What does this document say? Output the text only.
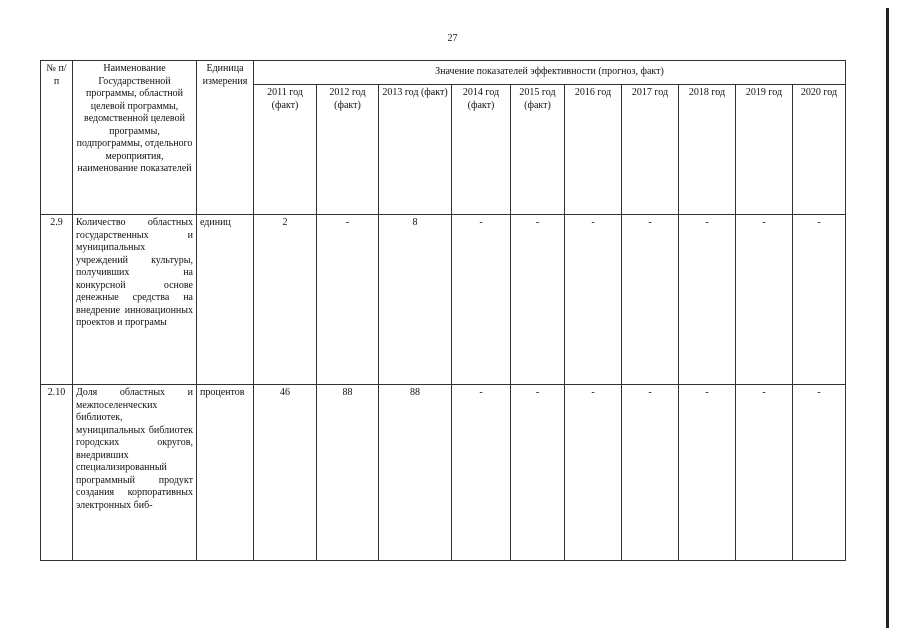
27
№ п/п	Наименование Государственной программы, областной целевой программы, ведомственной целевой программы, подпрограммы, отдельного мероприятия, наименование показателей	Единица измерения	Значение показателей эффективности (прогноз, факт)									
			2011 год (факт)	2012 год (факт)	2013 год (факт)	2014 год (факт)	2015 год (факт)	2016 год	2017 год	2018 год	2019 год	2020 год
2.9	Количество областных государственных и муниципальных учреждений культуры, получивших на конкурсной основе денежные средства на внедрение инновационных проектов и програмы	единиц	2	-	8	-	-	-	-	-	-	-
2.10	Доля областных и межпоселенческих библиотек, муниципальных библиотек городских округов, внедривших специализированный программный продукт создания корпоративных электронных биб-	процентов	46	88	88	-	-	-	-	-	-	-
